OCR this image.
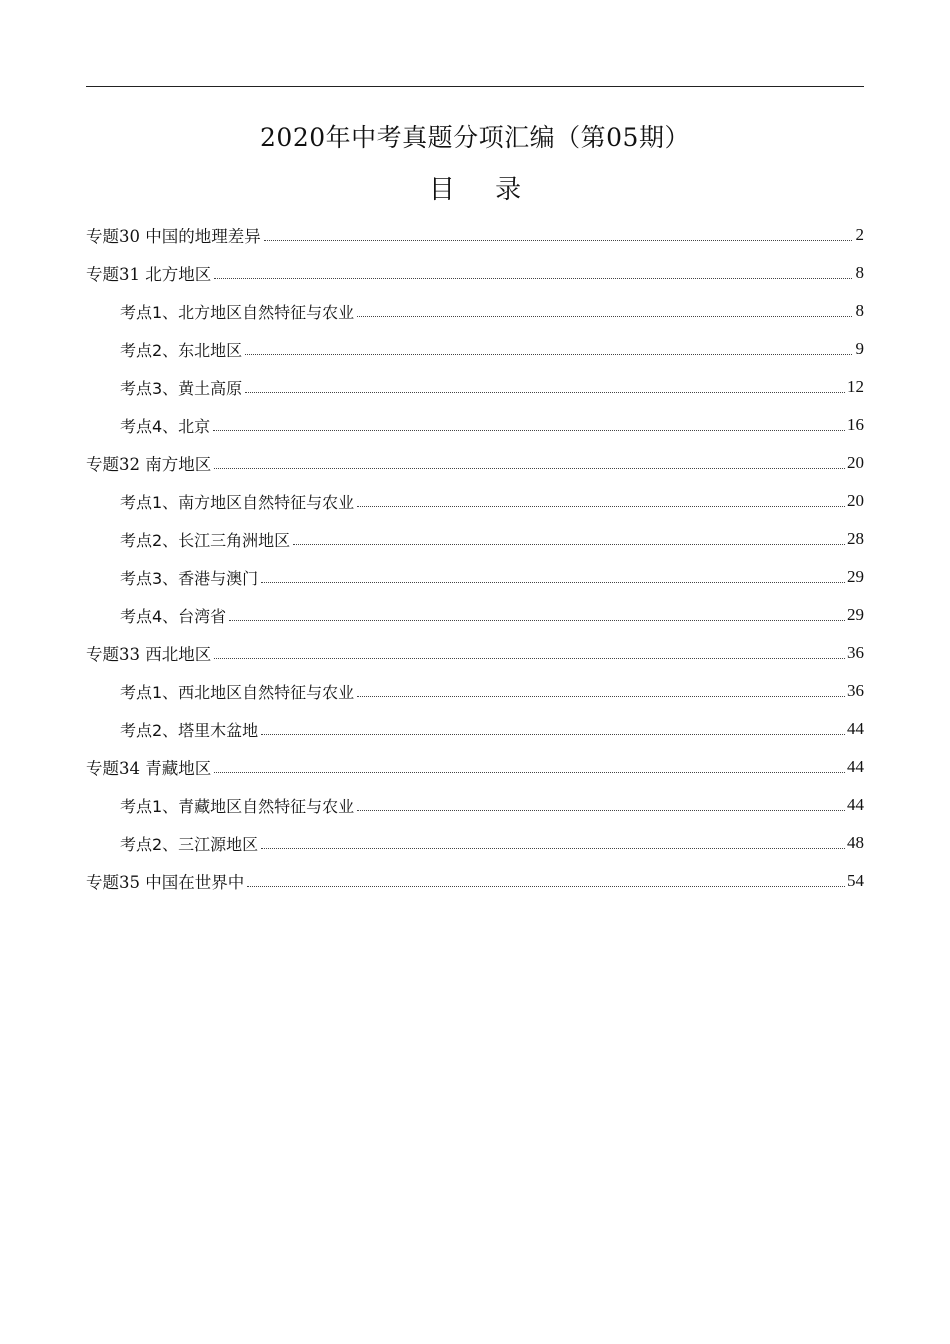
2020年中考真题分项汇编（第05期）
目 录
专题30 中国的地理差异	2
专题31 北方地区	8
考点1、北方地区自然特征与农业	8
考点2、东北地区	9
考点3、黄土高原	12
考点4、北京	16
专题32 南方地区	20
考点1、南方地区自然特征与农业	20
考点2、长江三角洲地区	28
考点3、香港与澳门	29
考点4、台湾省	29
专题33 西北地区	36
考点1、西北地区自然特征与农业	36
考点2、塔里木盆地	44
专题34 青藏地区	44
考点1、青藏地区自然特征与农业	44
考点2、三江源地区	48
专题35 中国在世界中	54
